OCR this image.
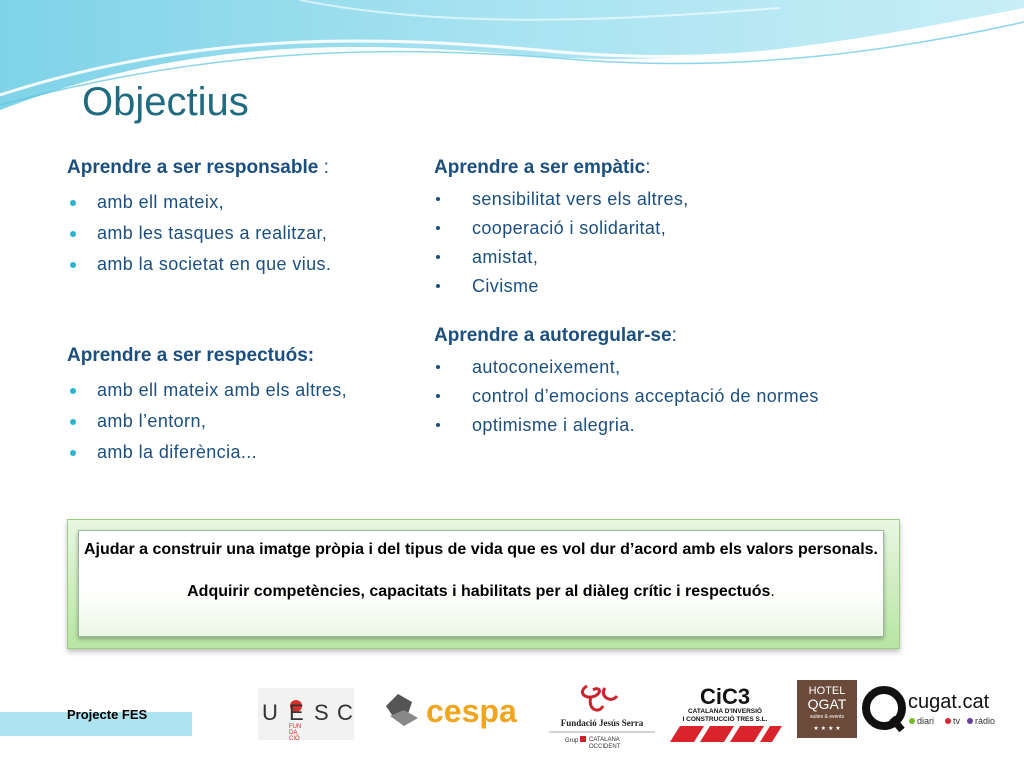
Objectius
Aprendre a ser responsable :
amb ell mateix,
amb les tasques a realitzar,
amb la societat en que vius.
Aprendre a ser respectuós:
amb ell mateix amb els altres,
amb l’entorn,
amb la diferència...
Aprendre a ser empàtic:
sensibilitat vers els altres,
cooperació i solidaritat,
amistat,
Civisme
Aprendre a autoregular-se:
autoconeixement,
control d’emocions acceptació de normes
optimisme i alegria.

Ajudar a construir una imatge pròpia i del tipus de vida que es vol dur d’acord amb els valors personals.

Adquirir competències, capacitats i habilitats per al diàleg crític i respectuós.

Projecte FES	U E S C
FUN
DA
CIÓ
cespa	Fundació Jesús Serra
Grup CATALANA
OCCIDENT
CiC3
CATALANA D'INVERSIÓ
I CONSTRUCCIÓ TRES S.L.
HOTEL
QGAT
suites & events
★ ★ ★ ★
cugat.cat
diari tv ràdio
